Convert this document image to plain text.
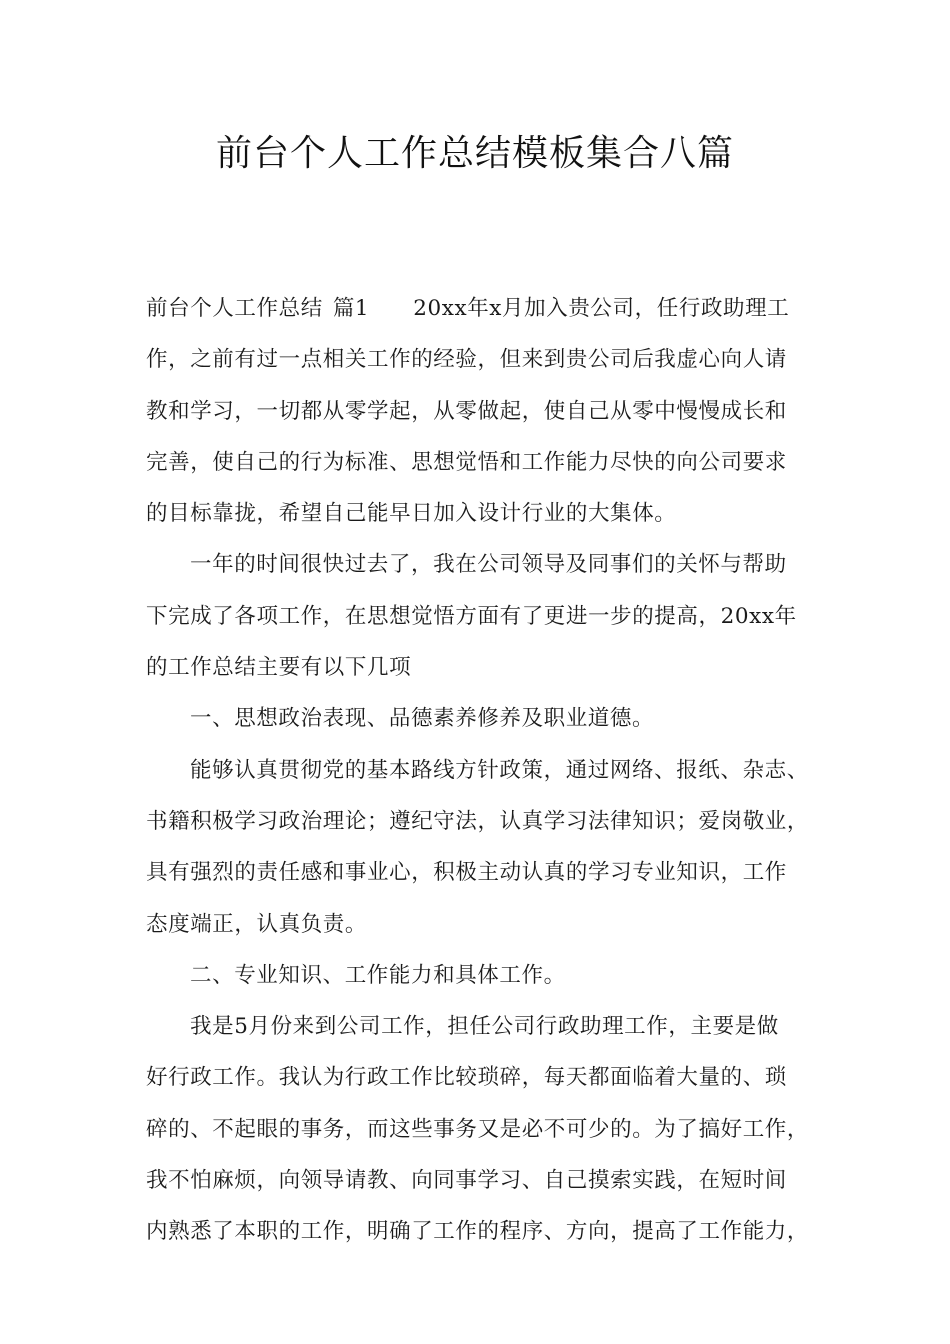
前台个人工作总结模板集合八篇
前台个人工作总结 篇1 20xx年x月加入贵公司，任行政助理工
作，之前有过一点相关工作的经验，但来到贵公司后我虚心向人请
教和学习，一切都从零学起，从零做起，使自己从零中慢慢成长和
完善，使自己的行为标准、思想觉悟和工作能力尽快的向公司要求
的目标靠拢，希望自己能早日加入设计行业的大集体。
一年的时间很快过去了，我在公司领导及同事们的关怀与帮助
下完成了各项工作，在思想觉悟方面有了更进一步的提高，20xx年
的工作总结主要有以下几项
一、思想政治表现、品德素养修养及职业道德。
能够认真贯彻党的基本路线方针政策，通过网络、报纸、杂志、
书籍积极学习政治理论；遵纪守法，认真学习法律知识；爱岗敬业，
具有强烈的责任感和事业心，积极主动认真的学习专业知识，工作
态度端正，认真负责。
二、专业知识、工作能力和具体工作。
我是5月份来到公司工作，担任公司行政助理工作，主要是做
好行政工作。我认为行政工作比较琐碎，每天都面临着大量的、琐
碎的、不起眼的事务，而这些事务又是必不可少的。为了搞好工作，
我不怕麻烦，向领导请教、向同事学习、自己摸索实践，在短时间
内熟悉了本职的工作，明确了工作的程序、方向，提高了工作能力，
